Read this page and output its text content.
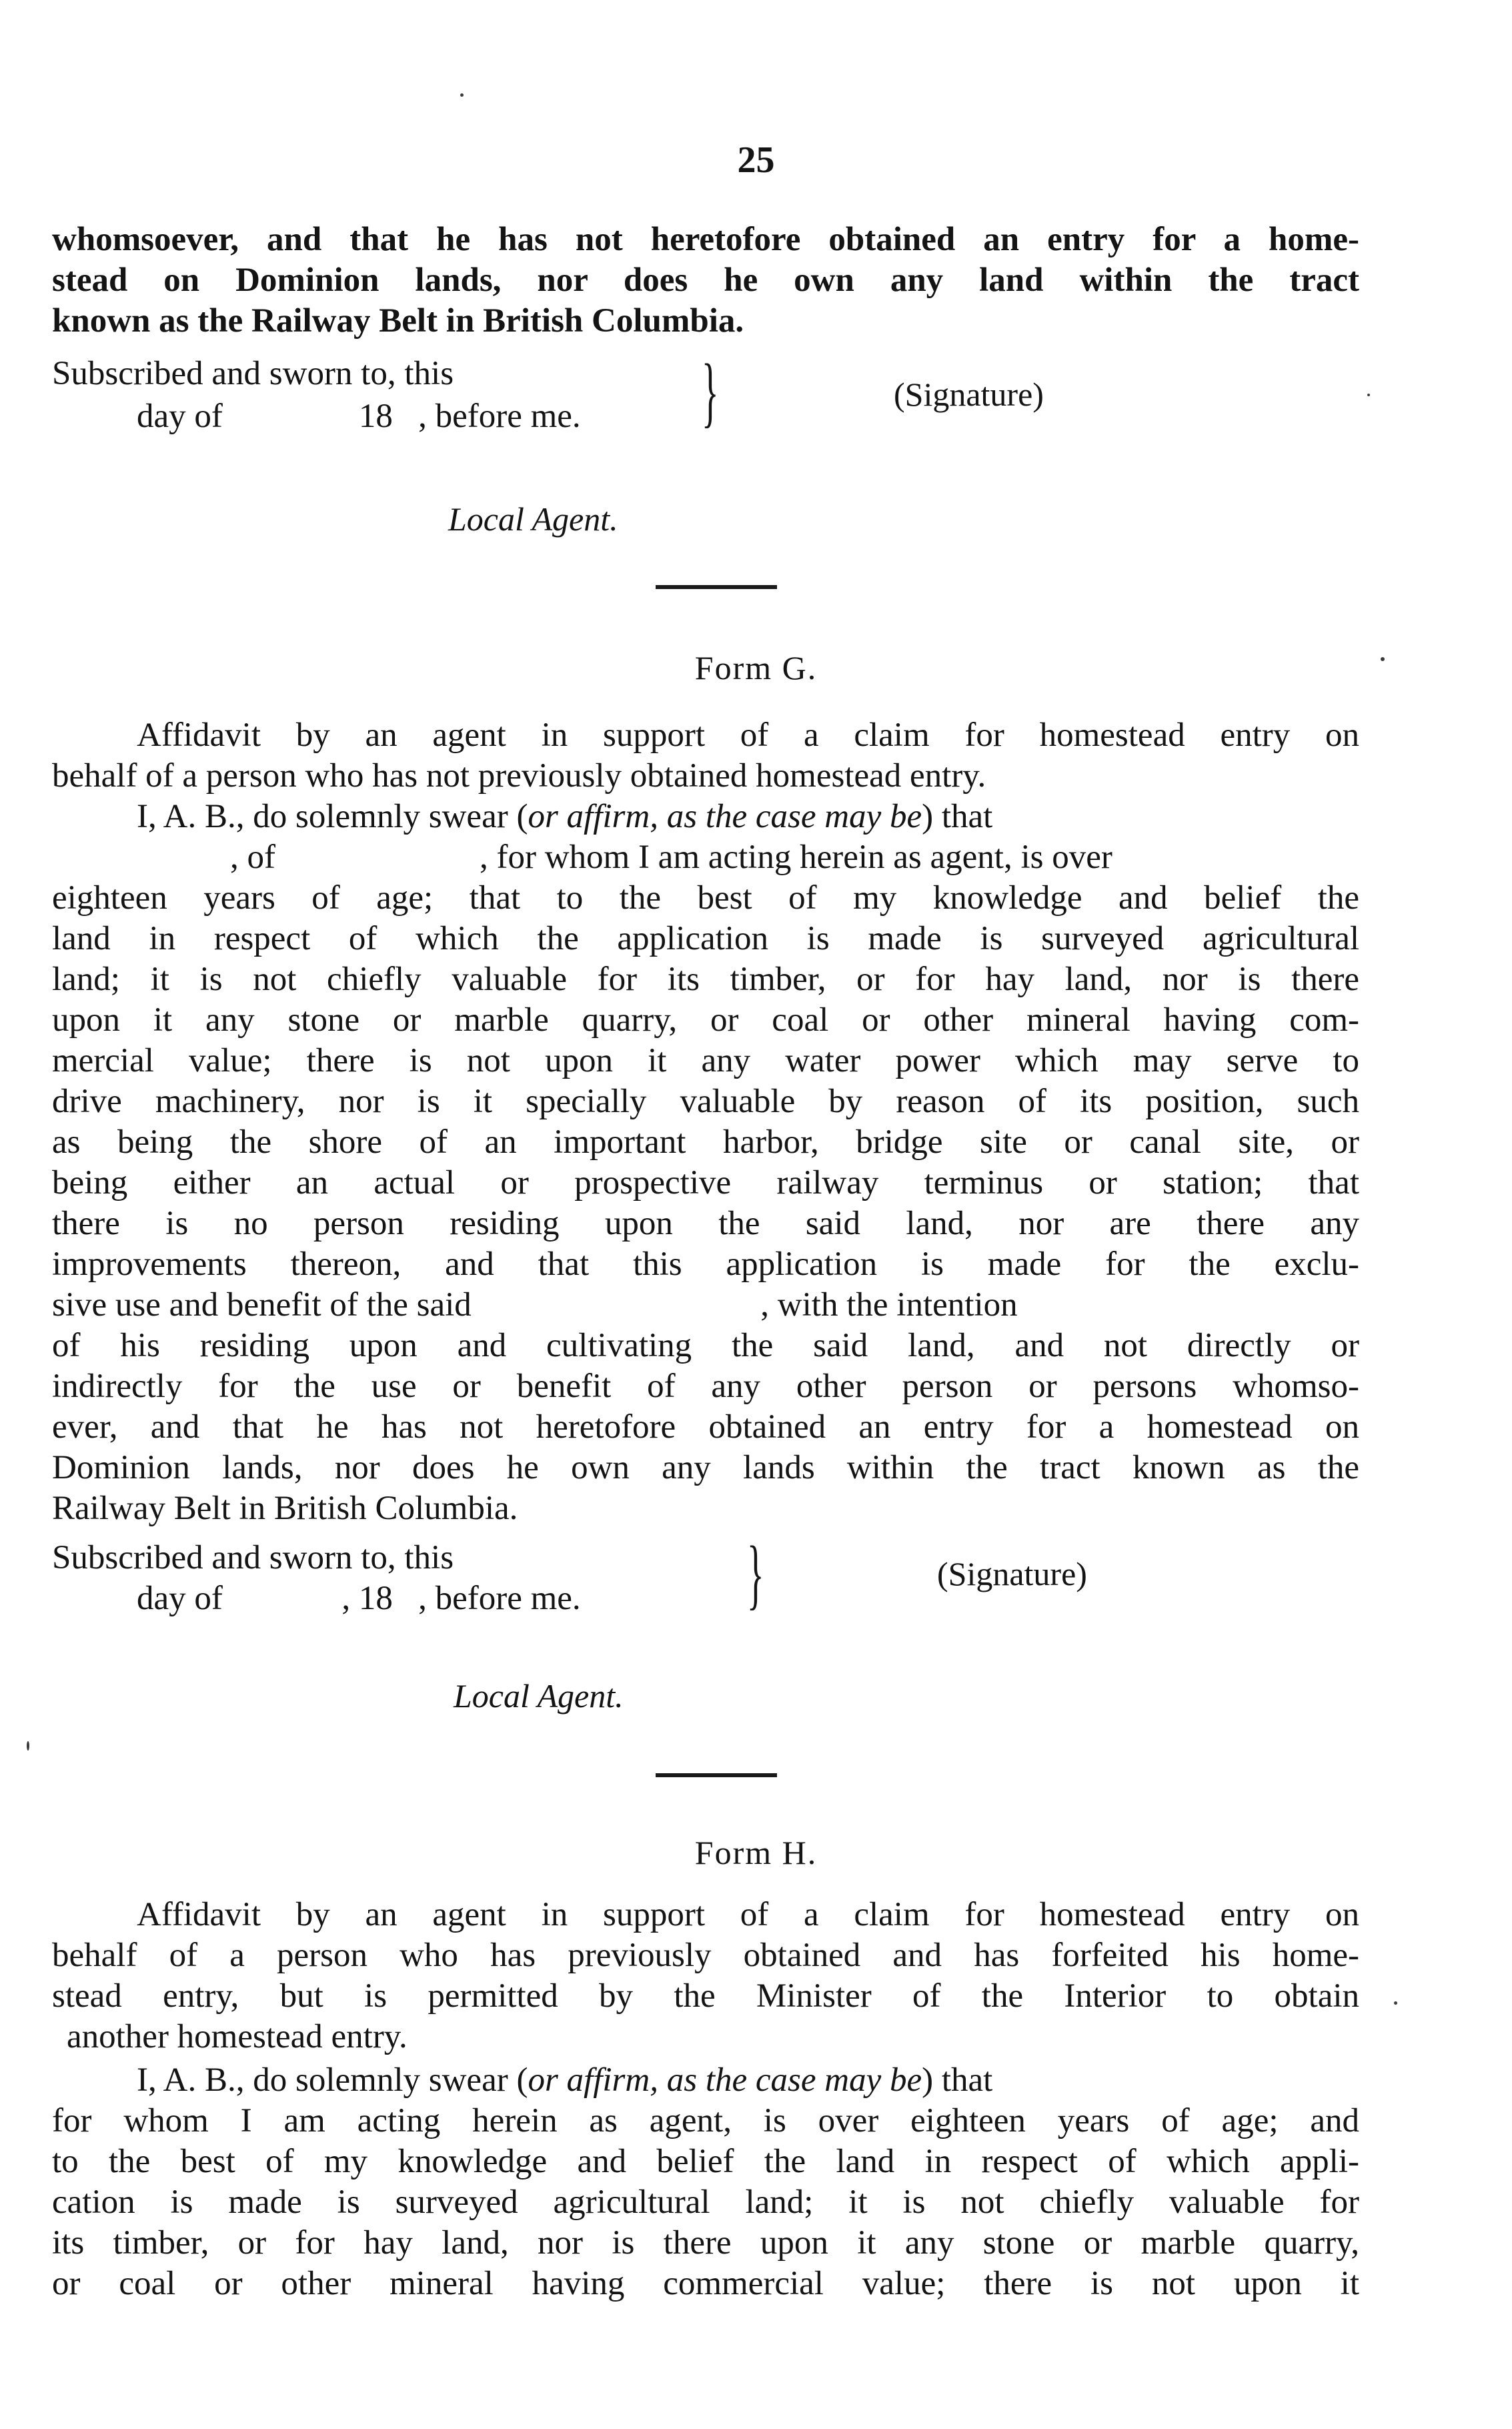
25
whomsoever, and that he has not heretofore obtained an entry for a home-
stead on Dominion lands, nor does he own any land within the tract
known as the Railway Belt in British Columbia.
Subscribed and sworn to, this
day of                18   , before me. }	(Signature)
Local Agent.
Form G.
Affidavit by an agent in support of a claim for homestead entry on
behalf of a person who has not previously obtained homestead entry.
I, A. B., do solemnly swear (or affirm, as the case may be) that
, of                        , for whom I am acting herein as agent, is over
eighteen years of age; that to the best of my knowledge and belief the
land in respect of which the application is made is surveyed agricultural
land; it is not chiefly valuable for its timber, or for hay land, nor is there
upon it any stone or marble quarry, or coal or other mineral having com-
mercial value; there is not upon it any water power which may serve to
drive machinery, nor is it specially valuable by reason of its position, such
as being the shore of an important harbor, bridge site or canal site, or
being either an actual or prospective railway terminus or station; that
there is no person residing upon the said land, nor are there any
improvements thereon, and that this application is made for the exclu-
sive use and benefit of the said                                  , with the intention
of his residing upon and cultivating the said land, and not directly or
indirectly for the use or benefit of any other person or persons whomso-
ever, and that he has not heretofore obtained an entry for a homestead on
Dominion lands, nor does he own any lands within the tract known as the
Railway Belt in British Columbia.
Subscribed and sworn to, this
day of              , 18   , before me. }	(Signature)
Local Agent.
Form H.
Affidavit by an agent in support of a claim for homestead entry on
behalf of a person who has previously obtained and has forfeited his home-
stead entry, but is permitted by the Minister of the Interior to obtain
another homestead entry.
I, A. B., do solemnly swear (or affirm, as the case may be) that
for whom I am acting herein as agent, is over eighteen years of age; and
to the best of my knowledge and belief the land in respect of which appli-
cation is made is surveyed agricultural land; it is not chiefly valuable for
its timber, or for hay land, nor is there upon it any stone or marble quarry,
or coal or other mineral having commercial value; there is not upon it
